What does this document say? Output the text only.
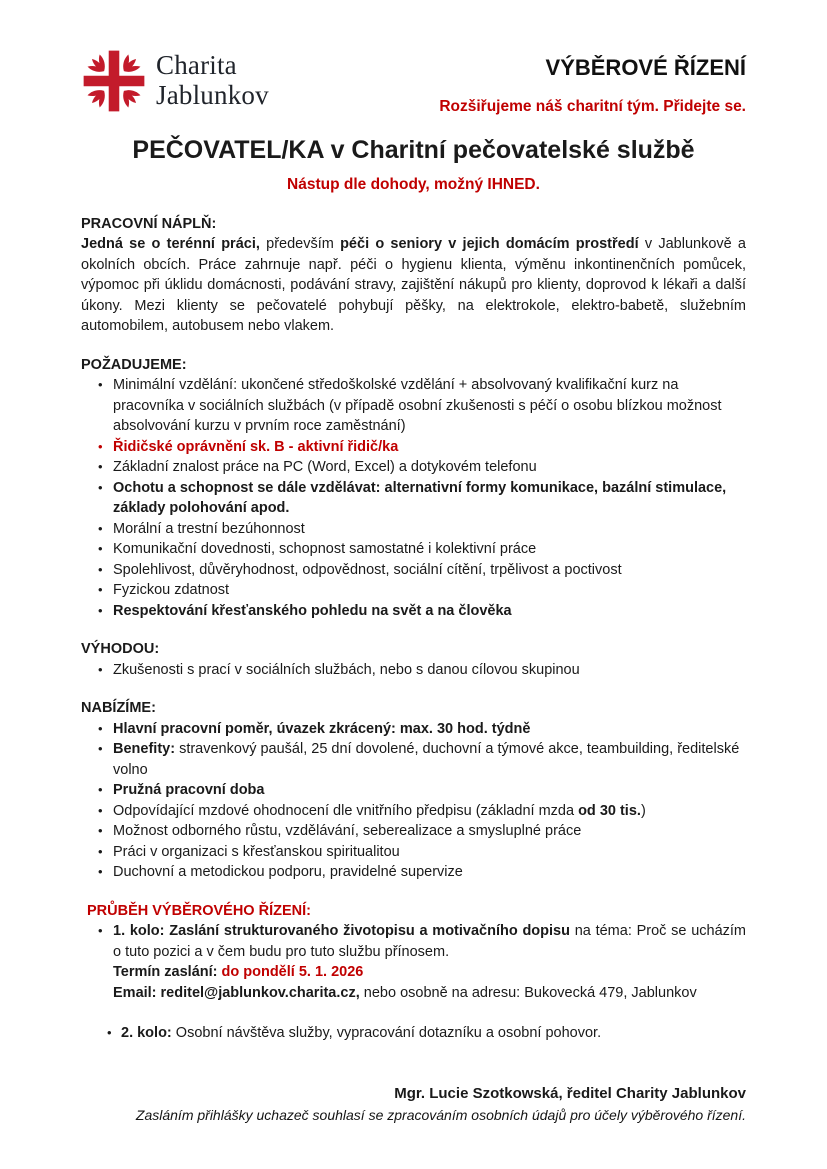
Charita
Jablunkov
VÝBĚROVÉ ŘÍZENÍ
Rozšiřujeme náš charitní tým. Přidejte se.
PEČOVATEL/KA v Charitní pečovatelské službě
Nástup dle dohody, možný IHNED.
PRACOVNÍ NÁPLŇ:
Jedná se o terénní práci, především péči o seniory v jejich domácím prostředí v Jablunkově a okolních obcích. Práce zahrnuje např. péči o hygienu klienta, výměnu inkontinenčních pomůcek, výpomoc při úklidu domácnosti, podávání stravy, zajištění nákupů pro klienty, doprovod k lékaři a další úkony. Mezi klienty se pečovatelé pohybují pěšky, na elektrokole, elektro-babetě, služebním automobilem, autobusem nebo vlakem.
POŽADUJEME:
• Minimální vzdělání: ukončené středoškolské vzdělání + absolvovaný kvalifikační kurz na pracovníka v sociálních službách (v případě osobní zkušenosti s péčí o osobu blízkou možnost absolvování kurzu v prvním roce zaměstnání)
• Řidičské oprávnění sk. B - aktivní řidič/ka
• Základní znalost práce na PC (Word, Excel) a dotykovém telefonu
• Ochotu a schopnost se dále vzdělávat: alternativní formy komunikace, bazální stimulace, základy polohování apod.
• Morální a trestní bezúhonnost
• Komunikační dovednosti, schopnost samostatné i kolektivní práce
• Spolehlivost, důvěryhodnost, odpovědnost, sociální cítění, trpělivost a poctivost
• Fyzickou zdatnost
• Respektování křesťanského pohledu na svět a na člověka
VÝHODOU:
• Zkušenosti s prací v sociálních službách, nebo s danou cílovou skupinou
NABÍZÍME:
• Hlavní pracovní poměr, úvazek zkrácený: max. 30 hod. týdně
• Benefity: stravenkový paušál, 25 dní dovolené, duchovní a týmové akce, teambuilding, ředitelské volno
• Pružná pracovní doba
• Odpovídající mzdové ohodnocení dle vnitřního předpisu (základní mzda od 30 tis.)
• Možnost odborného růstu, vzdělávání, seberealizace a smysluplné práce
• Práci v organizaci s křesťanskou spiritualitou
• Duchovní a metodickou podporu, pravidelné supervize
PRŮBĚH VÝBĚROVÉHO ŘÍZENÍ:
• 1. kolo: Zaslání strukturovaného životopisu a motivačního dopisu na téma: Proč se ucházím o tuto pozici a v čem budu pro tuto službu přínosem.
Termín zaslání: do pondělí 5. 1. 2026
Email: reditel@jablunkov.charita.cz, nebo osobně na adresu: Bukovecká 479, Jablunkov
• 2. kolo: Osobní návštěva služby, vypracování dotazníku a osobní pohovor.
Mgr. Lucie Szotkowská, ředitel Charity Jablunkov
Zasláním přihlášky uchazeč souhlasí se zpracováním osobních údajů pro účely výběrového řízení.
